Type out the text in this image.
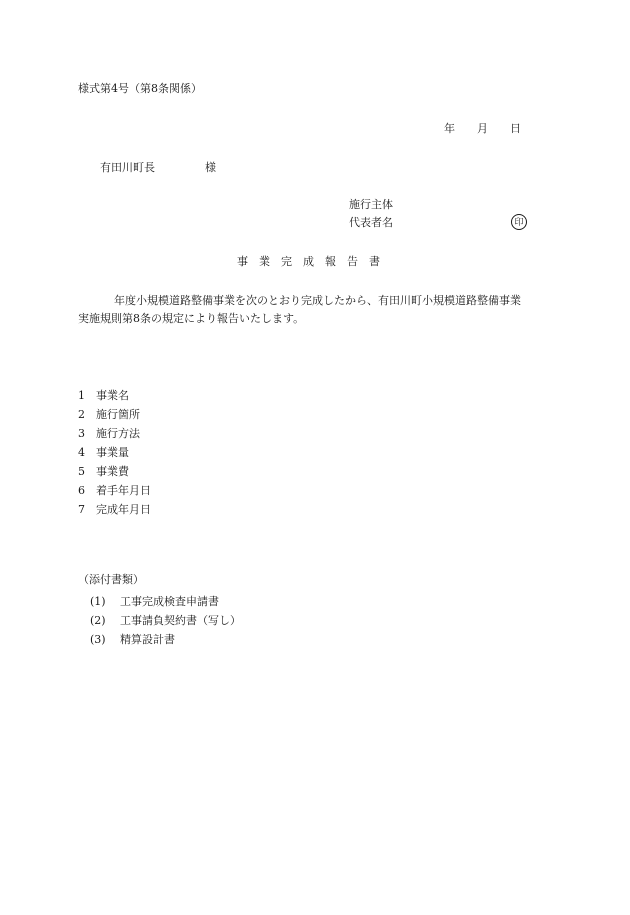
様式第4号（第8条関係）
年 月 日
有田川町長	様
施行主体
代表者名	印
事業完成報告書
年度小規模道路整備事業を次のとおり完成したから、有田川町小規模道路整備事業
実施規則第8条の規定により報告いたします。
1 事業名
2 施行箇所
3 施行方法
4 事業量
5 事業費
6 着手年月日
7 完成年月日
（添付書類）
(1) 工事完成検査申請書
(2) 工事請負契約書（写し）
(3) 精算設計書
